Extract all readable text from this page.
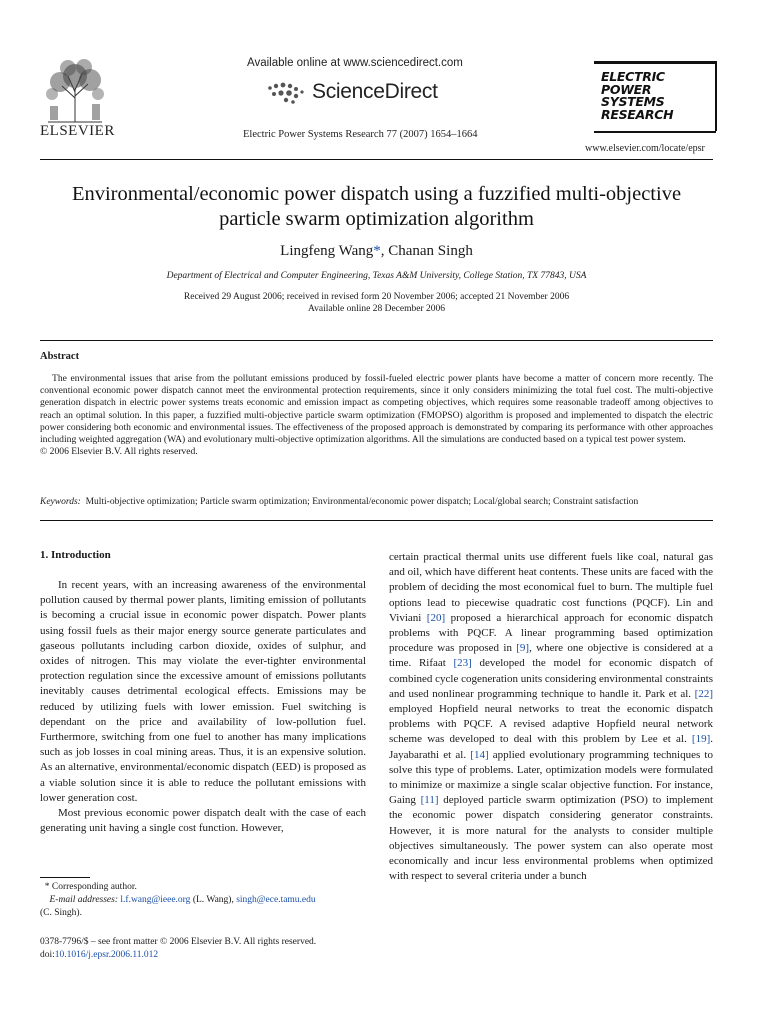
ELSEVIER
Available online at www.sciencedirect.com
ScienceDirect
Electric Power Systems Research 77 (2007) 1654–1664
ELECTRIC
POWER
SYSTEMS
RESEARCH
www.elsevier.com/locate/epsr
Environmental/economic power dispatch using a fuzzified multi-objective
particle swarm optimization algorithm
Lingfeng Wang*, Chanan Singh
Department of Electrical and Computer Engineering, Texas A&M University, College Station, TX 77843, USA
Received 29 August 2006; received in revised form 20 November 2006; accepted 21 November 2006
Available online 28 December 2006
Abstract

The environmental issues that arise from the pollutant emissions produced by fossil-fueled electric power plants have become a matter of concern more recently. The conventional economic power dispatch cannot meet the environmental protection requirements, since it only considers minimizing the total fuel cost. The multi-objective generation dispatch in electric power systems treats economic and emission impact as competing objectives, which requires some reasonable tradeoff among objectives to reach an optimal solution. In this paper, a fuzzified multi-objective particle swarm optimization (FMOPSO) algorithm is proposed and implemented to dispatch the electric power considering both economic and environmental issues. The effectiveness of the proposed approach is demonstrated by comparing its performance with other approaches including weighted aggregation (WA) and evolutionary multi-objective optimization algorithms. All the simulations are conducted based on a typical test power system.

© 2006 Elsevier B.V. All rights reserved.

Keywords: Multi-objective optimization; Particle swarm optimization; Environmental/economic power dispatch; Local/global search; Constraint satisfaction
1. Introduction

In recent years, with an increasing awareness of the environmental pollution caused by thermal power plants, limiting emission of pollutants is becoming a crucial issue in economic power dispatch. Power plants using fossil fuels as their major energy source generate particulates and gaseous pollutants including carbon dioxide, oxides of sulphur, and oxides of nitrogen. This may violate the ever-tighter environmental protection regulation since the excessive amount of emissions pollutants inevitably causes detrimental ecological effects. Emissions may be reduced by utilizing fuels with lower emission. Fuel switching is dependant on the price and availability of low-pollution fuel. Furthermore, switching from one fuel to another has many implications such as job losses in coal mining areas. Thus, it is an expensive solution. As an alternative, environmental/economic dispatch (EED) is proposed as a viable solution since it is able to reduce the pollutant emissions with lower generation cost.

Most previous economic power dispatch dealt with the case of each generating unit having a single cost function. However,

certain practical thermal units use different fuels like coal, natural gas and oil, which have different heat contents. These units are faced with the problem of deciding the most economical fuel to burn. The multiple fuel options lead to piecewise quadratic cost functions (PQCF). Lin and Viviani [20] proposed a hierarchical approach for economic dispatch problems with PQCF. A linear programming based optimization procedure was proposed in [9], where one objective is considered at a time. Rifaat [23] developed the model for economic dispatch of combined cycle cogeneration units considering environmental constraints and used nonlinear programming technique to handle it. Park et al. [22] employed Hopfield neural networks to treat the economic dispatch problems with PQCF. A revised adaptive Hopfield neural network scheme was developed to deal with this problem by Lee et al. [19]. Jayabarathi et al. [14] applied evolutionary programming techniques to solve this type of problems. Later, optimization models were formulated to minimize or maximize a single scalar objective function. For instance, Gaing [11] deployed particle swarm optimization (PSO) to implement the economic power dispatch considering generator constraints. However, it is more natural for the analysts to consider multiple objectives simultaneously. The power system can also operate most economically and incur less environmental problems when optimized with respect to several criteria under a bunch

* Corresponding author.
E-mail addresses: l.f.wang@ieee.org (L. Wang), singh@ece.tamu.edu
(C. Singh).
0378-7796/$ – see front matter © 2006 Elsevier B.V. All rights reserved.
doi:10.1016/j.epsr.2006.11.012
